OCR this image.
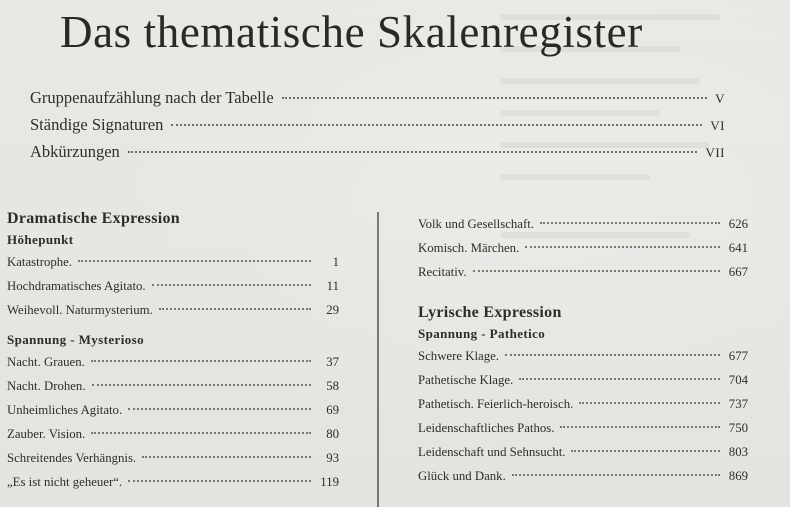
Das thematische Skalenregister
Gruppenaufzählung nach der Tabelle	V
Ständige Signaturen	VI
Abkürzungen	VII
Dramatische Expression
Höhepunkt
Katastrophe.	1
Hochdramatisches Agitato.	11
Weihevoll. Naturmysterium.	29
Spannung - Mysterioso
Nacht. Grauen.	37
Nacht. Drohen.	58
Unheimliches Agitato.	69
Zauber. Vision.	80
Schreitendes Verhängnis.	93
„Es ist nicht geheuer“.	119
Volk und Gesellschaft.	626
Komisch. Märchen.	641
Recitativ.	667
Lyrische Expression
Spannung - Pathetico
Schwere Klage.	677
Pathetische Klage.	704
Pathetisch. Feierlich-heroisch.	737
Leidenschaftliches Pathos.	750
Leidenschaft und Sehnsucht.	803
Glück und Dank.	869
